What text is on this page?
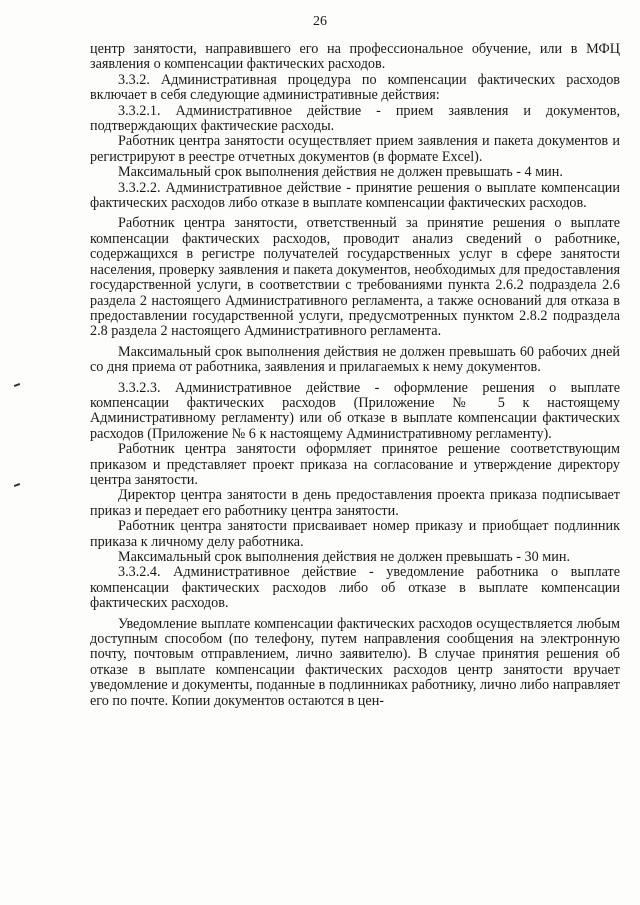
26

центр занятости, направившего его на профессиональное обучение, или в МФЦ заявления о компенсации фактических расходов.

3.3.2. Административная процедура по компенсации фактических расходов включает в себя следующие административные действия:

3.3.2.1. Административное действие - прием заявления и документов, подтверждающих фактические расходы.

Работник центра занятости осуществляет прием заявления и пакета документов и регистрируют в реестре отчетных документов (в формате Excel).

Максимальный срок выполнения действия не должен превышать - 4 мин.

3.3.2.2. Административное действие - принятие решения о выплате компенсации фактических расходов либо отказе в выплате компенсации фактических расходов.

Работник центра занятости, ответственный за принятие решения о выплате компенсации фактических расходов, проводит анализ сведений о работнике, содержащихся в регистре получателей государственных услуг в сфере занятости населения, проверку заявления и пакета документов, необходимых для предоставления государственной услуги, в соответствии с требованиями пункта 2.6.2 подраздела 2.6 раздела 2 настоящего Административного регламента, а также оснований для отказа в предоставлении государственной услуги, предусмотренных пунктом 2.8.2 подраздела 2.8 раздела 2 настоящего Административного регламента.

Максимальный срок выполнения действия не должен превышать 60 рабочих дней со дня приема от работника, заявления и прилагаемых к нему документов.

3.3.2.3. Административное действие - оформление решения о выплате компенсации фактических расходов (Приложение № 5 к настоящему Административному регламенту) или об отказе в выплате компенсации фактических расходов (Приложение № 6 к настоящему Административному регламенту).

Работник центра занятости оформляет принятое решение соответствующим приказом и представляет проект приказа на согласование и утверждение директору центра занятости.

Директор центра занятости в день предоставления проекта приказа подписывает приказ и передает его работнику центра занятости.

Работник центра занятости присваивает номер приказу и приобщает подлинник приказа к личному делу работника.

Максимальный срок выполнения действия не должен превышать - 30 мин.

3.3.2.4. Административное действие - уведомление работника о выплате компенсации фактических расходов либо об отказе в выплате компенсации фактических расходов.

Уведомление выплате компенсации фактических расходов осуществляется любым доступным способом (по телефону, путем направления сообщения на электронную почту, почтовым отправлением, лично заявителю). В случае принятия решения об отказе в выплате компенсации фактических расходов центр занятости вручает уведомление и документы, поданные в подлинниках работнику, лично либо направляет его по почте. Копии документов остаются в цен-
